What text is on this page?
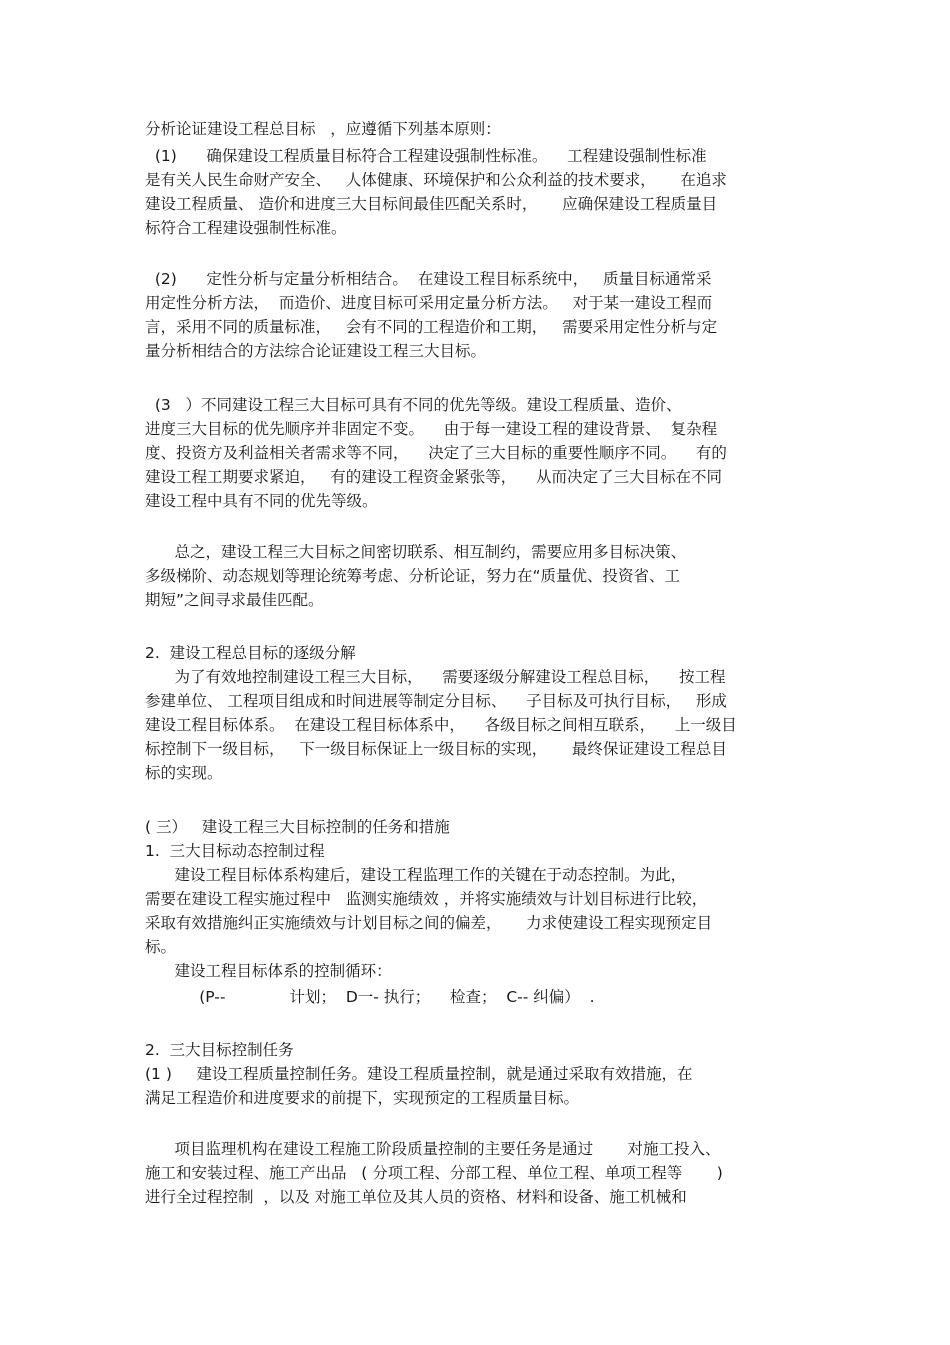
分析论证建设工程总目标   ，应遵循下列基本原则：
(1)      确保建设工程质量目标符合工程建设强制性标准。    工程建设强制性标准
是有关人民生命财产安全、   人体健康、环境保护和公众利益的技术要求，     在追求
建设工程质量、 造价和进度三大目标间最佳匹配关系时，     应确保建设工程质量目
标符合工程建设强制性标准。
(2)      定性分析与定量分析相结合。  在建设工程目标系统中，   质量目标通常采
用定性分析方法，  而造价、进度目标可采用定量分析方法。   对于某一建设工程而
言，采用不同的质量标准，   会有不同的工程造价和工期，   需要采用定性分析与定
量分析相结合的方法综合论证建设工程三大目标。
(3   ）不同建设工程三大目标可具有不同的优先等级。建设工程质量、造价、
进度三大目标的优先顺序并非固定不变。    由于每一建设工程的建设背景、  复杂程
度、投资方及利益相关者需求等不同，    决定了三大目标的重要性顺序不同。    有的
建设工程工期要求紧迫，   有的建设工程资金紧张等，    从而决定了三大目标在不同
建设工程中具有不同的优先等级。
总之，建设工程三大目标之间密切联系、相互制约，需要应用多目标决策、
多级梯阶、动态规划等理论统筹考虑、分析论证，努力在“质量优、投资省、工
期短”之间寻求最佳匹配。
2.  建设工程总目标的逐级分解
为了有效地控制建设工程三大目标，    需要逐级分解建设工程总目标，    按工程
参建单位、 工程项目组成和时间进展等制定分目标、    子目标及可执行目标，   形成
建设工程目标体系。  在建设工程目标体系中，    各级目标之间相互联系，    上一级目
标控制下一级目标，   下一级目标保证上一级目标的实现，     最终保证建设工程总目
标的实现。
( 三）   建设工程三大目标控制的任务和措施
1.  三大目标动态控制过程
建设工程目标体系构建后，建设工程监理工作的关键在于动态控制。为此，
需要在建设工程实施过程中   监测实施绩效 ，并将实施绩效与计划目标进行比较，
采取有效措施纠正实施绩效与计划目标之间的偏差，     力求使建设工程实现预定目
标。
建设工程目标体系的控制循环：
(P--             计划；  D一- 执行；    检查；  C-- 纠偏）  .
2.  三大目标控制任务
(1 )     建设工程质量控制任务。建设工程质量控制，就是通过采取有效措施，在
满足工程造价和进度要求的前提下，实现预定的工程质量目标。
项目监理机构在建设工程施工阶段质量控制的主要任务是通过       对施工投入、
施工和安装过程、施工产出品   ( 分项工程、分部工程、单位工程、单项工程等       )
进行全过程控制  ，以及 对施工单位及其人员的资格、材料和设备、施工机械和
